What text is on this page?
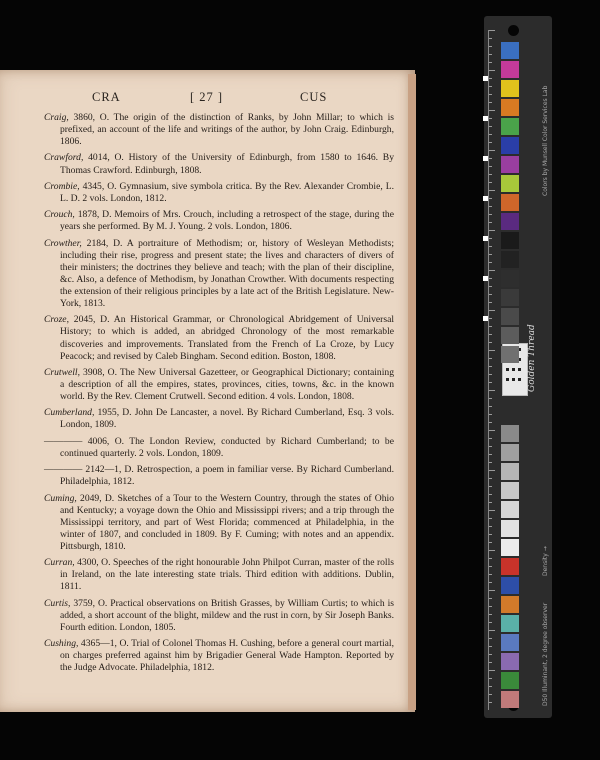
CRA	[ 27 ]	CUS
Craig, 3860, O. The origin of the distinction of Ranks, by John Millar; to which is prefixed, an account of the life and writings of the author, by John Craig. Edinburgh, 1806.
Crawford, 4014, O. History of the University of Edinburgh, from 1580 to 1646. By Thomas Crawford. Edinburgh, 1808.
Crombie, 4345, O. Gymnasium, sive symbola critica. By the Rev. Alexander Crombie, L. L. D. 2 vols. London, 1812.
Crouch, 1878, D. Memoirs of Mrs. Crouch, including a retrospect of the stage, during the years she performed. By M. J. Young. 2 vols. London, 1806.
Crowther, 2184, D. A portraiture of Methodism; or, history of Wesleyan Methodists; including their rise, progress and present state; the lives and characters of divers of their ministers; the doctrines they believe and teach; with the plan of their discipline, &c. Also, a defence of Methodism, by Jonathan Crowther. With documents respecting the extension of their religious principles by a late act of the British Legislature. New-York, 1813.
Croze, 2045, D. An Historical Grammar, or Chronological Abridgement of Universal History; to which is added, an abridged Chronology of the most remarkable discoveries and improvements. Translated from the French of La Croze, by Lucy Peacock; and revised by Caleb Bingham. Second edition. Boston, 1808.
Crutwell, 3908, O. The New Universal Gazetteer, or Geographical Dictionary; containing a description of all the empires, states, provinces, cities, towns, &c. in the known world. By the Rev. Clement Crutwell. Second edition. 4 vols. London, 1808.
Cumberland, 1955, D. John De Lancaster, a novel. By Richard Cumberland, Esq. 3 vols. London, 1809.
———— 4006, O. The London Review, conducted by Richard Cumberland; to be continued quarterly. 2 vols. London, 1809.
———— 2142—1, D. Retrospection, a poem in familiar verse. By Richard Cumberland. Philadelphia, 1812.
Cuming, 2049, D. Sketches of a Tour to the Western Country, through the states of Ohio and Kentucky; a voyage down the Ohio and Mississippi rivers; and a trip through the Mississippi territory, and part of West Florida; commenced at Philadelphia, in the winter of 1807, and concluded in 1809. By F. Cuming; with notes and an appendix. Pittsburgh, 1810.
Curran, 4300, O. Speeches of the right honourable John Philpot Curran, master of the rolls in Ireland, on the late interesting state trials. Third edition with additions. Dublin, 1811.
Curtis, 3759, O. Practical observations on British Grasses, by William Curtis; to which is added, a short account of the blight, mildew and the rust in corn, by Sir Joseph Banks. Fourth edition. London, 1805.
Cushing, 4365—1, O. Trial of Colonel Thomas H. Cushing, before a general court martial, on charges preferred against him by Brigadier General Wade Hampton. Reported by the Judge Advocate. Philadelphia, 1812.
Colors by Munsell Color Services Lab
Golden Thread
Density →
D50 Illuminant, 2 degree observer
